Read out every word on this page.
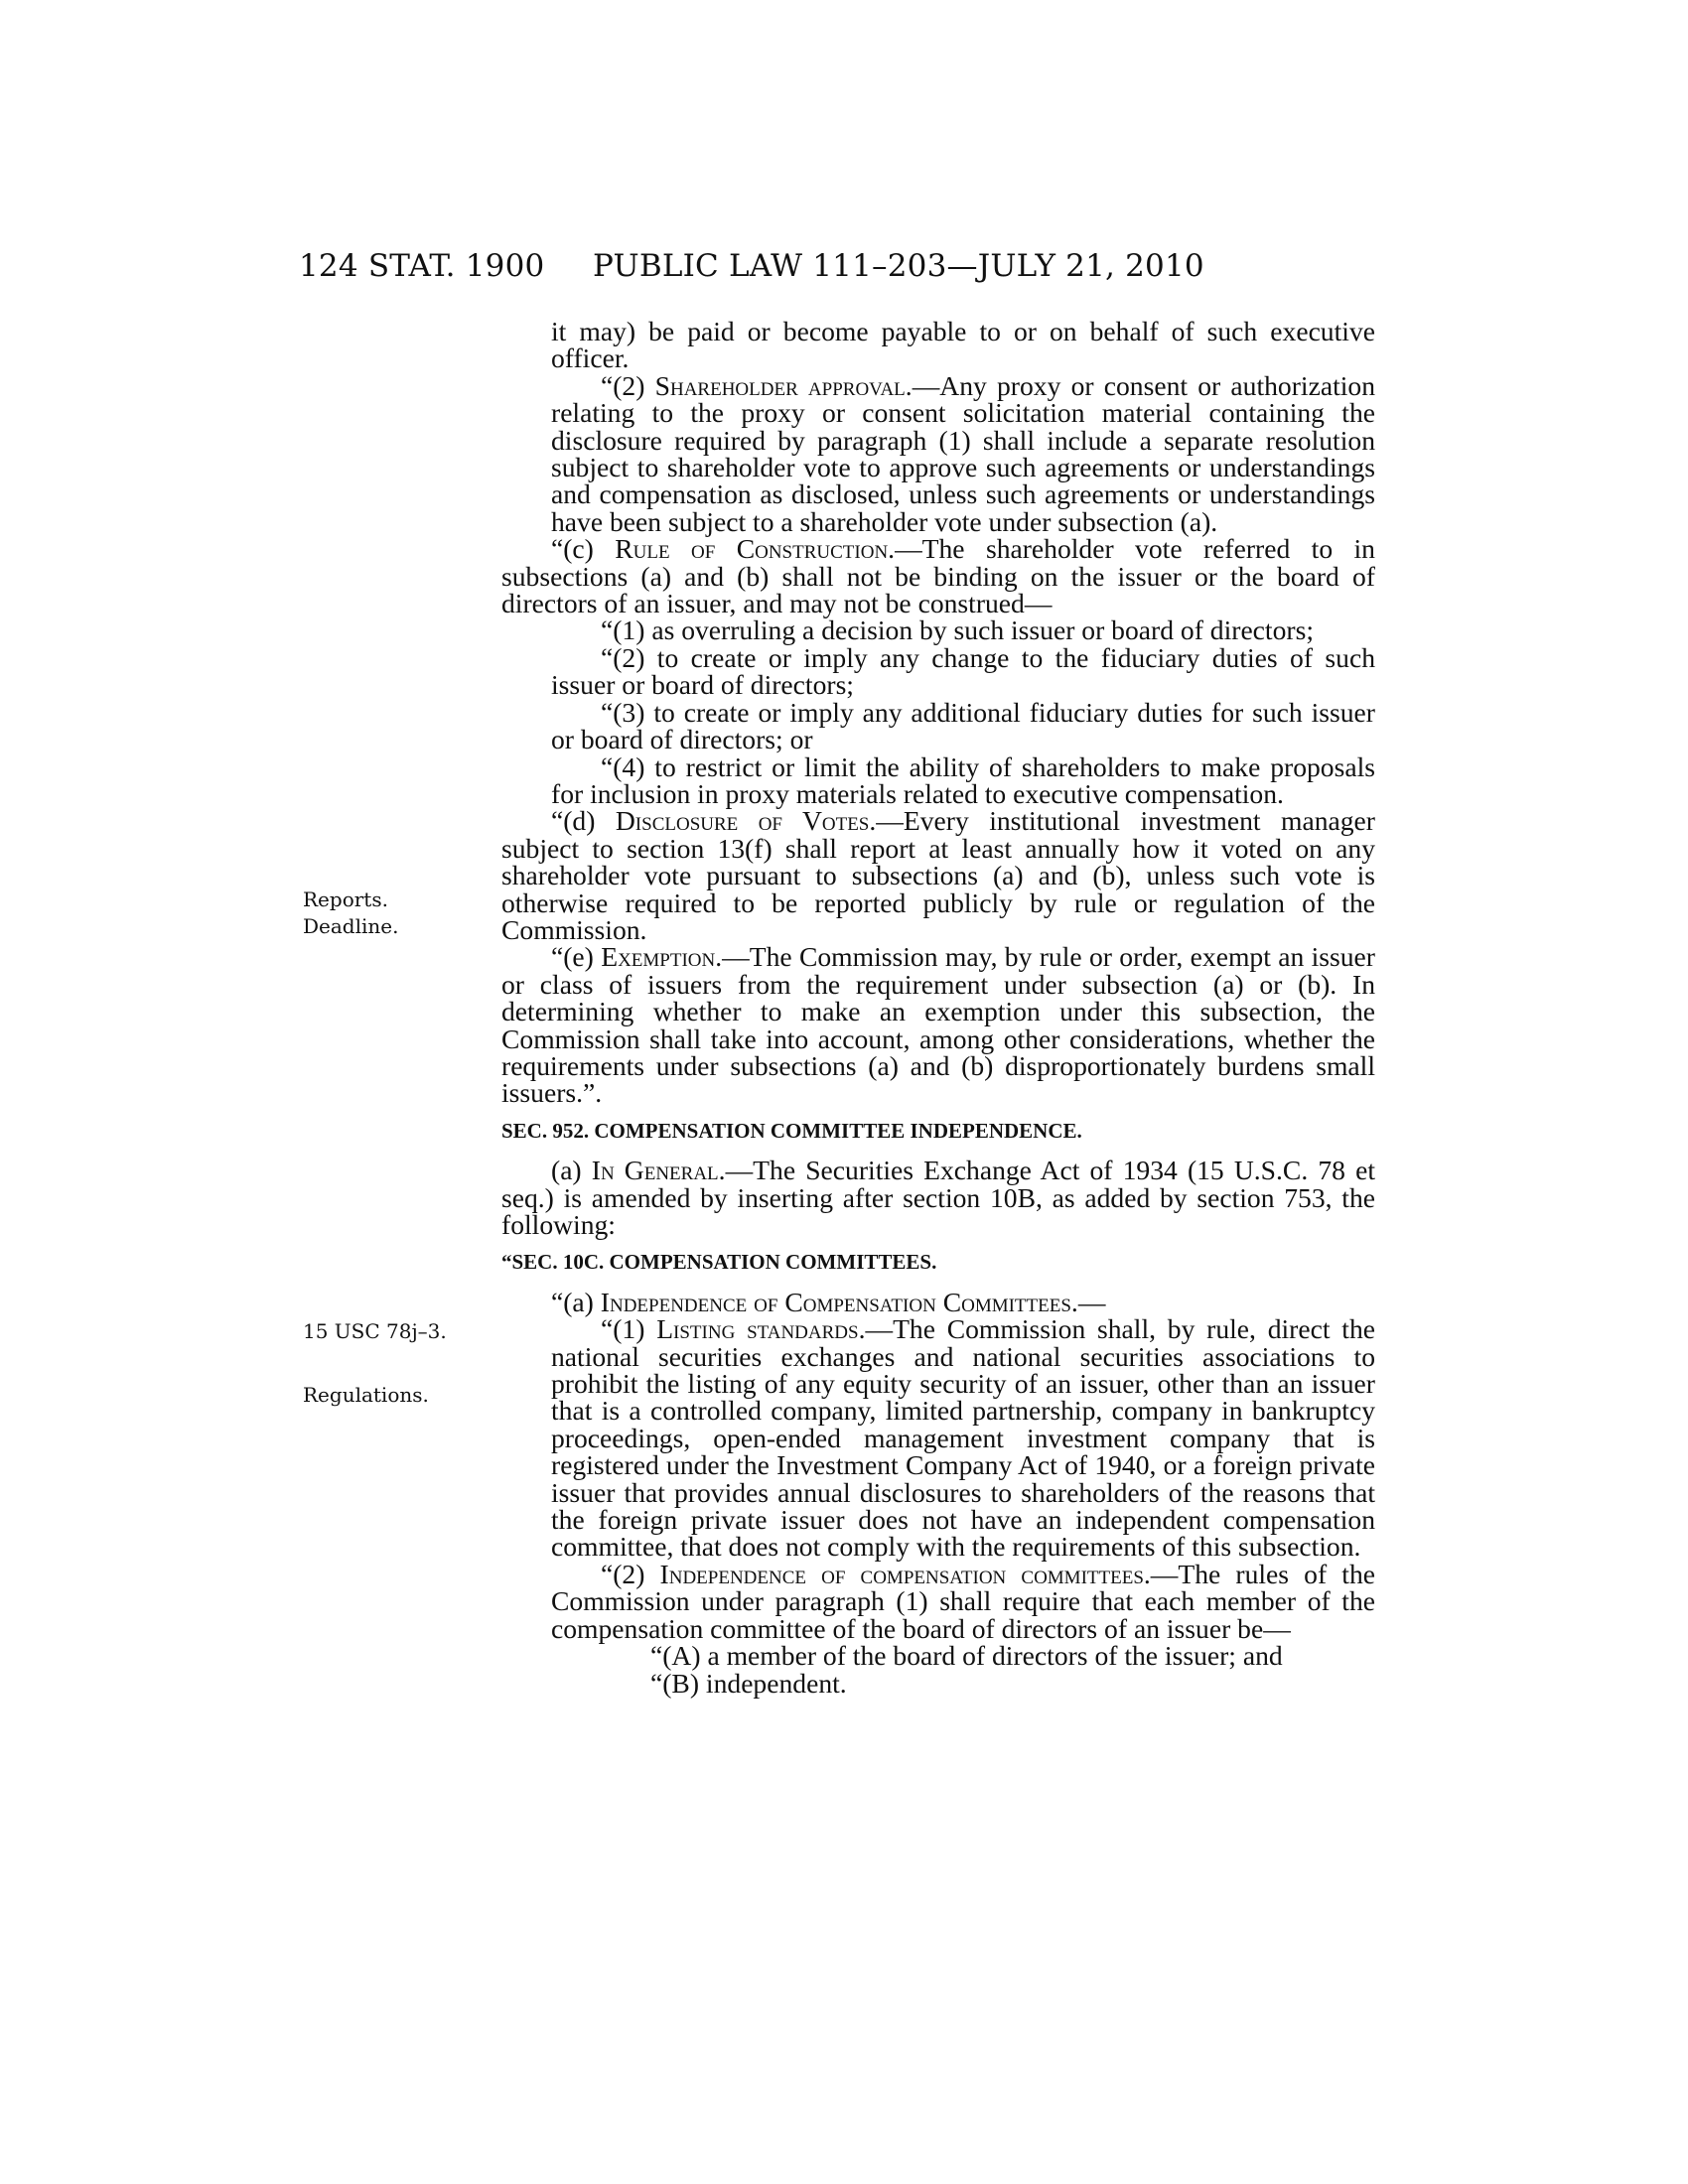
124 STAT. 1900 PUBLIC LAW 111–203—JULY 21, 2010
Reports.
Deadline.
15 USC 78j–3.
Regulations.

it may) be paid or become payable to or on behalf of such executive officer.

“(2) Shareholder approval.—Any proxy or consent or authorization relating to the proxy or consent solicitation material containing the disclosure required by paragraph (1) shall include a separate resolution subject to shareholder vote to approve such agreements or understandings and compensation as disclosed, unless such agreements or understandings have been subject to a shareholder vote under subsection (a).

“(c) Rule of Construction.—The shareholder vote referred to in subsections (a) and (b) shall not be binding on the issuer or the board of directors of an issuer, and may not be construed—

“(1) as overruling a decision by such issuer or board of directors;

“(2) to create or imply any change to the fiduciary duties of such issuer or board of directors;

“(3) to create or imply any additional fiduciary duties for such issuer or board of directors; or

“(4) to restrict or limit the ability of shareholders to make proposals for inclusion in proxy materials related to executive compensation.

“(d) Disclosure of Votes.—Every institutional investment manager subject to section 13(f) shall report at least annually how it voted on any shareholder vote pursuant to subsections (a) and (b), unless such vote is otherwise required to be reported publicly by rule or regulation of the Commission.

“(e) Exemption.—The Commission may, by rule or order, exempt an issuer or class of issuers from the requirement under subsection (a) or (b). In determining whether to make an exemption under this subsection, the Commission shall take into account, among other considerations, whether the requirements under subsections (a) and (b) disproportionately burdens small issuers.”.

SEC. 952. COMPENSATION COMMITTEE INDEPENDENCE.

(a) In General.—The Securities Exchange Act of 1934 (15 U.S.C. 78 et seq.) is amended by inserting after section 10B, as added by section 753, the following:

“SEC. 10C. COMPENSATION COMMITTEES.

“(a) Independence of Compensation Committees.—

“(1) Listing standards.—The Commission shall, by rule, direct the national securities exchanges and national securities associations to prohibit the listing of any equity security of an issuer, other than an issuer that is a controlled company, limited partnership, company in bankruptcy proceedings, open-ended management investment company that is registered under the Investment Company Act of 1940, or a foreign private issuer that provides annual disclosures to shareholders of the reasons that the foreign private issuer does not have an independent compensation committee, that does not comply with the requirements of this subsection.

“(2) Independence of compensation committees.—The rules of the Commission under paragraph (1) shall require that each member of the compensation committee of the board of directors of an issuer be—

“(A) a member of the board of directors of the issuer; and

“(B) independent.
